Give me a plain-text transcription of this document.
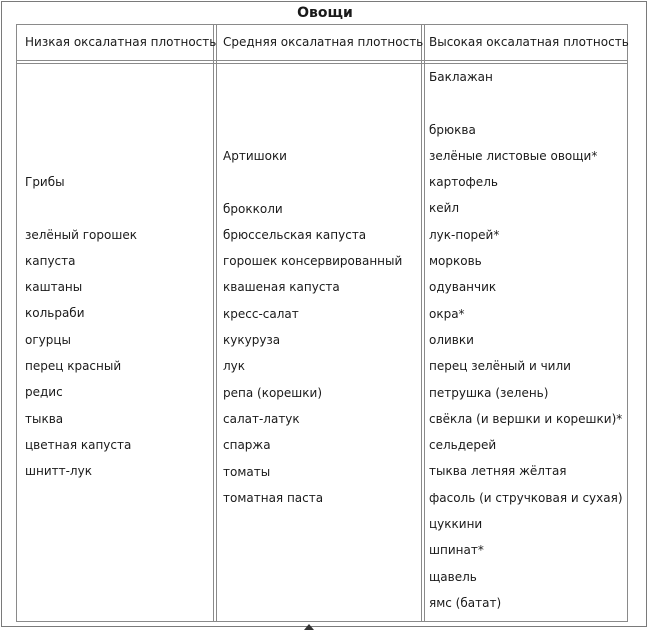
Овощи
Низкая оксалатная плотность Средняя оксалатная плотность Высокая оксалатная плотность
Грибы
зелёный горошек
капуста
каштаны
кольраби
огурцы
перец красный
редис
тыква
цветная капуста
шнитт-лук
Артишоки
брокколи
брюссельская капуста
горошек консервированный
квашеная капуста
кресс-салат
кукуруза
лук
репа (корешки)
салат-латук
спаржа
томаты
томатная паста
Баклажан
брюква
зелёные листовые овощи*
картофель
кейл
лук-порей*
морковь
одуванчик
окра*
оливки
перец зелёный и чили
петрушка (зелень)
свёкла (и вершки и корешки)*
сельдерей
тыква летняя жёлтая
фасоль (и стручковая и сухая)
цуккини
шпинат*
щавель
ямс (батат)
